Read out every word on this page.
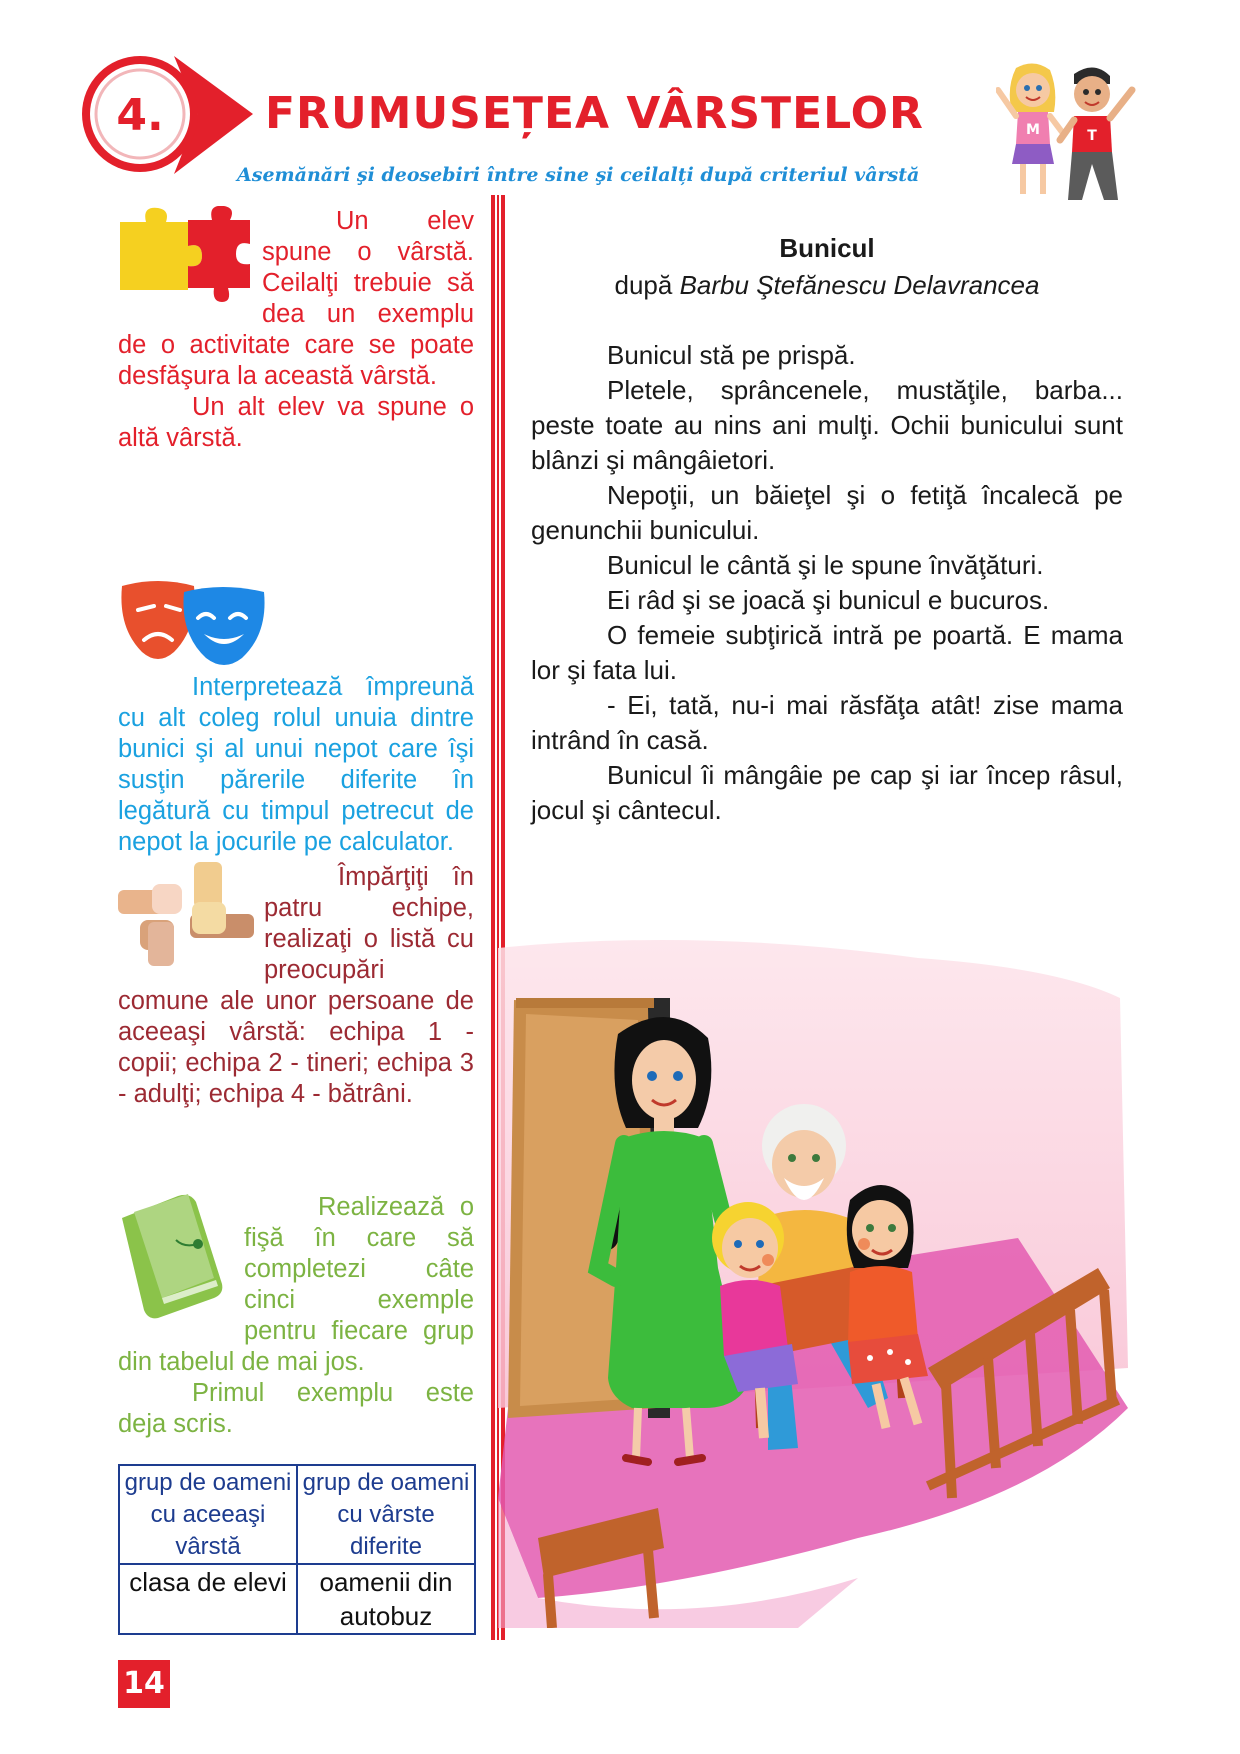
4. FRUMUSEȚEA VÂRSTELOR
Asemănări şi deosebiri între sine şi ceilalți după criteriul vârstă
M	T

Un elev spune o vârstă. Ceilalţi trebuie să dea un exemplu de o activitate care se poate desfăşura la această vârstă.

Un alt elev va spune o altă vârstă.

Interpretează împreună cu alt coleg rolul unuia dintre bunici şi al unui nepot care îşi susţin părerile diferite în legătură cu timpul petrecut de nepot la jocurile pe calculator.

Împărţiţi în patru echipe, realizaţi o listă cu preocupări comune ale unor persoane de aceeaşi vârstă: echipa 1 - copii; echipa 2 - tineri; echipa 3 - adulţi; echipa 4 - bătrâni.

Realizează o fişă în care să completezi câte cinci exemple pentru fiecare grup din tabelul de mai jos.

Primul exemplu este deja scris.

grup de oameni cu aceeaşi vârstă	grup de oameni cu vârste diferite
clasa de elevi	oamenii din autobuz
Bunicul
după Barbu Ştefănescu Delavrancea

Bunicul stă pe prispă.

Pletele, sprâncenele, mustăţile, barba... peste toate au nins ani mulţi. Ochii bunicului sunt blânzi şi mângâietori.

Nepoţii, un băieţel şi o fetiţă încalecă pe genunchii bunicului.

Bunicul le cântă şi le spune învăţături.

Ei râd şi se joacă şi bunicul e bucuros.

O femeie subţirică intră pe poartă. E mama lor şi fata lui.

- Ei, tată, nu-i mai răsfăţa atât! zise mama intrând în casă.

Bunicul îi mângâie pe cap şi iar încep râsul, jocul şi cântecul.

14
